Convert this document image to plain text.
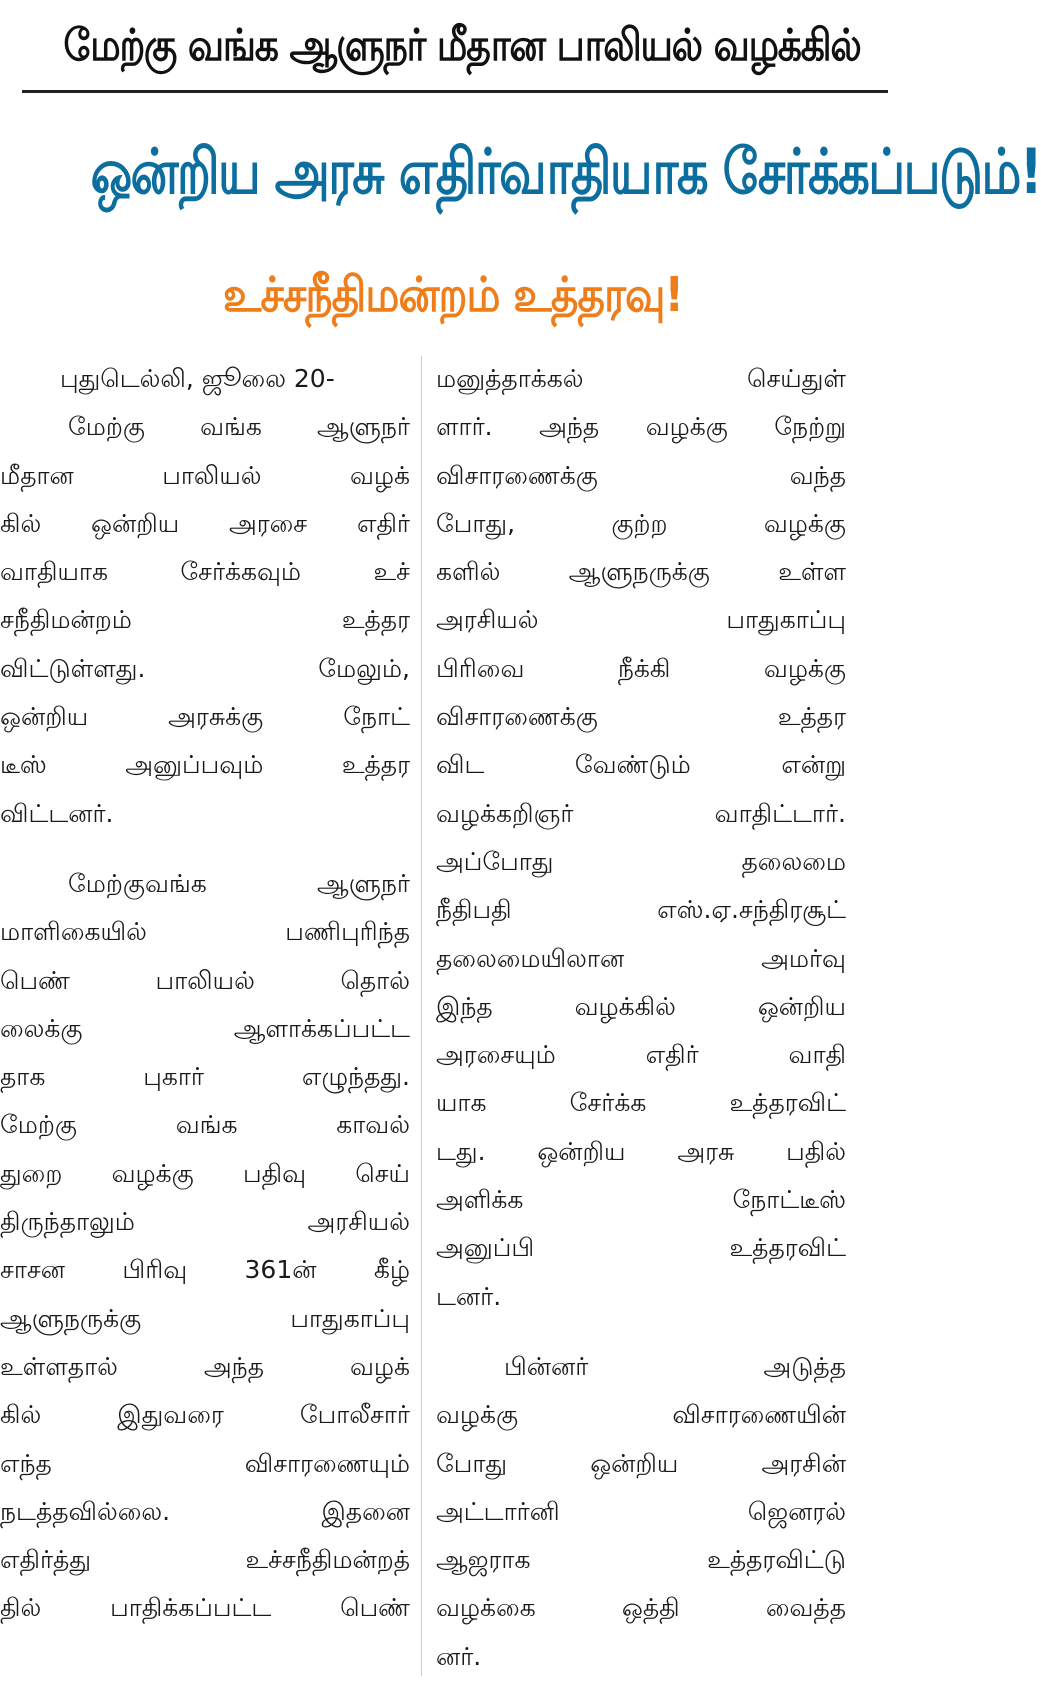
மேற்கு வங்க ஆளுநர் மீதான பாலியல் வழக்கில்
ஒன்றிய அரசு எதிர்வாதியாக சேர்க்கப்படும்!
உச்சநீதிமன்றம் உத்தரவு!
புதுடெல்லி, ஜூலை 20-
மேற்கு வங்க ஆளுநர்
மீதான பாலியல் வழக்
கில் ஒன்றிய அரசை எதிர்
வாதியாக சேர்க்கவும் உச்
சநீதிமன்றம் உத்தர
விட்டுள்ளது. மேலும்,
ஒன்றிய அரசுக்கு நோட்
டீஸ் அனுப்பவும் உத்தர
விட்டனர்.
மேற்குவங்க ஆளுநர்
மாளிகையில் பணிபுரிந்த
பெண் பாலியல் தொல்
லைக்கு ஆளாக்கப்பட்ட
தாக புகார் எழுந்தது.
மேற்கு வங்க காவல்
துறை வழக்கு பதிவு செய்
திருந்தாலும் அரசியல்
சாசன பிரிவு 361ன் கீழ்
ஆளுநருக்கு பாதுகாப்பு
உள்ளதால் அந்த வழக்
கில் இதுவரை போலீசார்
எந்த விசாரணையும்
நடத்தவில்லை. இதனை
எதிர்த்து உச்சநீதிமன்றத்
தில் பாதிக்கப்பட்ட பெண்
மனுத்தாக்கல் செய்துள்
ளார். அந்த வழக்கு நேற்று
விசாரணைக்கு வந்த
போது, குற்ற வழக்கு
களில் ஆளுநருக்கு உள்ள
அரசியல் பாதுகாப்பு
பிரிவை நீக்கி வழக்கு
விசாரணைக்கு உத்தர
விட வேண்டும் என்று
வழக்கறிஞர் வாதிட்டார்.
அப்போது தலைமை
நீதிபதி எஸ்.ஏ.சந்திரசூட்
தலைமையிலான அமர்வு
இந்த வழக்கில் ஒன்றிய
அரசையும் எதிர் வாதி
யாக சேர்க்க உத்தரவிட்
டது. ஒன்றிய அரசு பதில்
அளிக்க நோட்டீஸ்
அனுப்பி உத்தரவிட்
டனர்.
பின்னர் அடுத்த
வழக்கு விசாரணையின்
போது ஒன்றிய அரசின்
அட்டார்னி ஜெனரல்
ஆஜராக உத்தரவிட்டு
வழக்கை ஒத்தி வைத்த
னர்.
